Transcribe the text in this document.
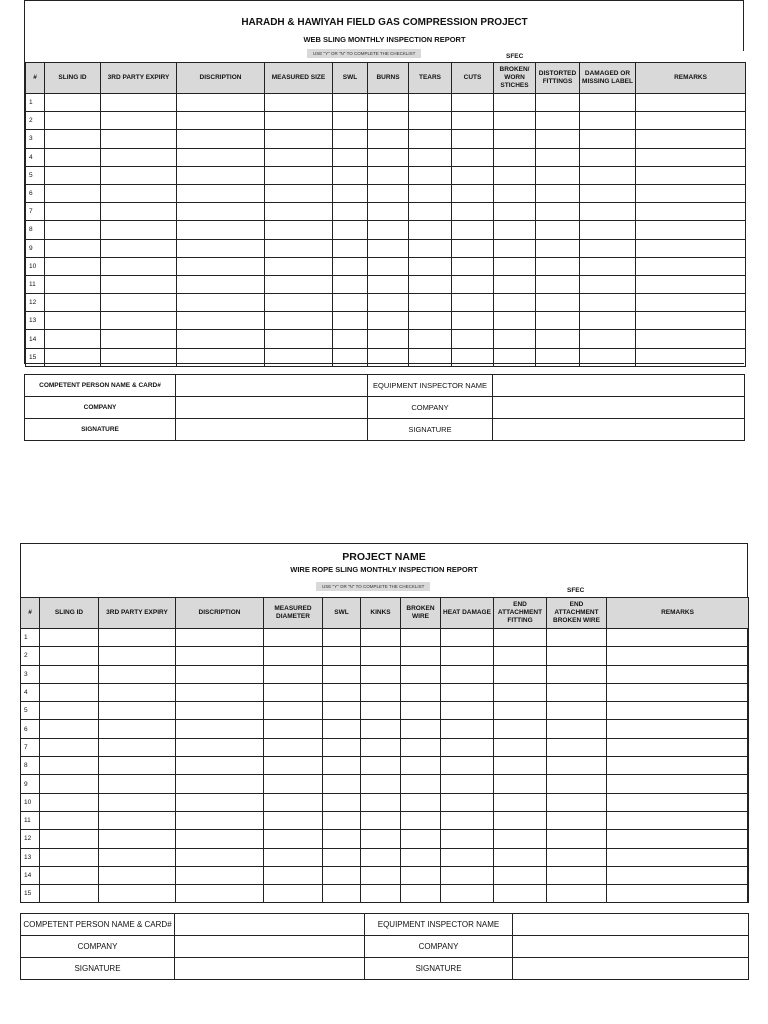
HARADH & HAWIYAH FIELD GAS COMPRESSION PROJECT
WEB SLING MONTHLY INSPECTION REPORT
USE "Y" OR "N" TO COMPLETE THE CHECKLIST	SFEC
#	SLING ID	3RD PARTY EXPIRY	DISCRIPTION	MEASURED SIZE	SWL	BURNS	TEARS	CUTS	BROKEN/ WORN STICHES	DISTORTED FITTINGS	DAMAGED OR MISSING LABEL	REMARKS
1												
2												
3												
4												
5												
6												
7												
8												
9												
10												
11												
12												
13												
14												
15												
COMPETENT PERSON NAME & CARD#		EQUIPMENT INSPECTOR NAME	
COMPANY		COMPANY	
SIGNATURE		SIGNATURE	
PROJECT NAME
WIRE ROPE SLING MONTHLY INSPECTION REPORT
USE "Y" OR "N" TO COMPLETE THE CHECKLIST
SFEC
#	SLING ID	3RD PARTY EXPIRY	DISCRIPTION	MEASURED DIAMETER	SWL	KINKS	BROKEN WIRE	HEAT DAMAGE	END ATTACHMENT FITTING	END ATTACHMENT BROKEN WIRE	REMARKS
1											
2											
3											
4											
5											
6											
7											
8											
9											
10											
11											
12											
13											
14											
15											
COMPETENT PERSON NAME & CARD#		EQUIPMENT INSPECTOR NAME	
COMPANY		COMPANY	
SIGNATURE		SIGNATURE	
